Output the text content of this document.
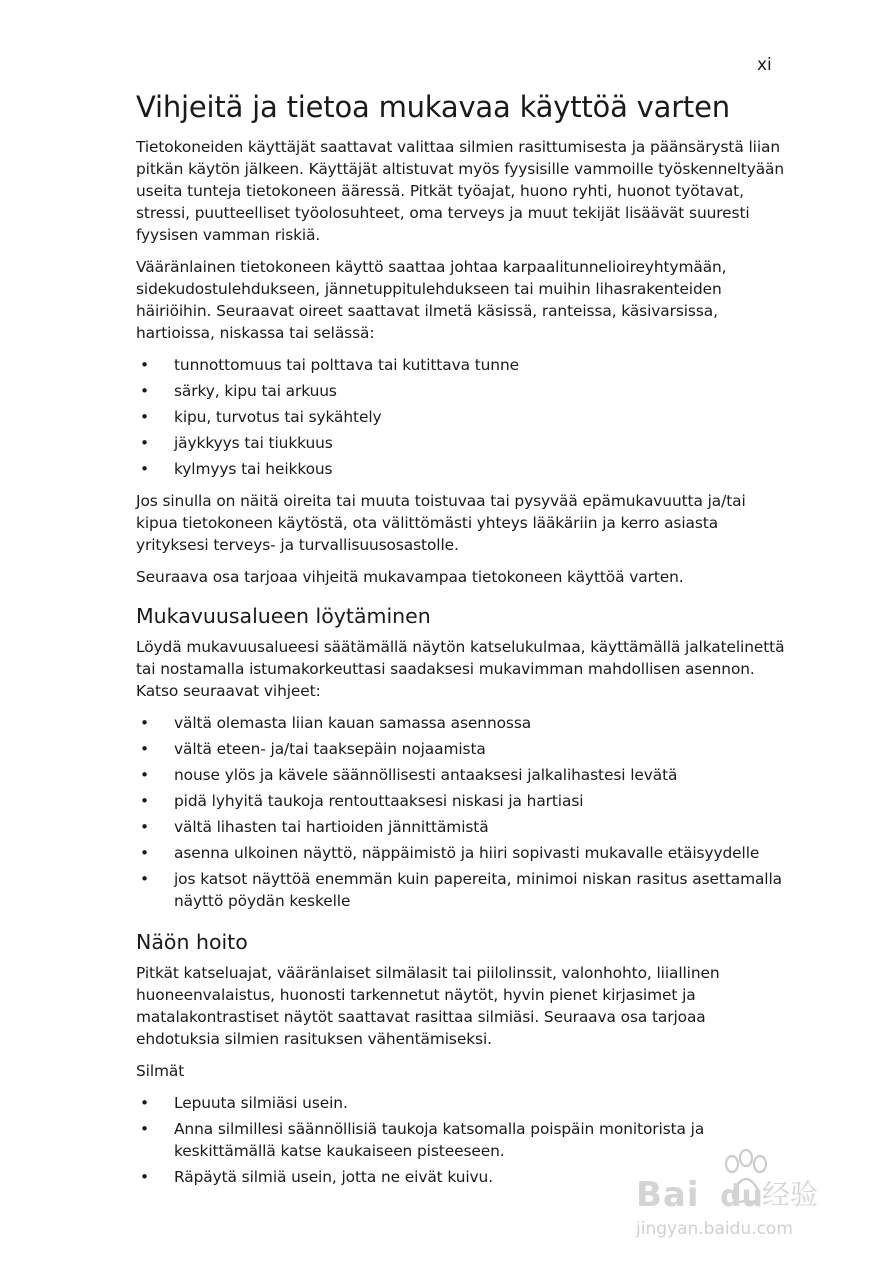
xi
Vihjeitä ja tietoa mukavaa käyttöä varten

Tietokoneiden käyttäjät saattavat valittaa silmien rasittumisesta ja päänsärystä liian pitkän käytön jälkeen. Käyttäjät altistuvat myös fyysisille vammoille työskenneltyään useita tunteja tietokoneen ääressä. Pitkät työajat, huono ryhti, huonot työtavat, stressi, puutteelliset työolosuhteet, oma terveys ja muut tekijät lisäävät suuresti fyysisen vamman riskiä.

Vääränlainen tietokoneen käyttö saattaa johtaa karpaalitunnelioireyhtymään, sidekudostulehdukseen, jännetuppitulehdukseen tai muihin lihasrakenteiden häiriöihin. Seuraavat oireet saattavat ilmetä käsissä, ranteissa, käsivarsissa, hartioissa, niskassa tai selässä:

• tunnottomuus tai polttava tai kutittava tunne
• särky, kipu tai arkuus
• kipu, turvotus tai sykähtely
• jäykkyys tai tiukkuus
• kylmyys tai heikkous

Jos sinulla on näitä oireita tai muuta toistuvaa tai pysyvää epämukavuutta ja/tai kipua tietokoneen käytöstä, ota välittömästi yhteys lääkäriin ja kerro asiasta yrityksesi terveys- ja turvallisuusosastolle.

Seuraava osa tarjoaa vihjeitä mukavampaa tietokoneen käyttöä varten.

Mukavuusalueen löytäminen

Löydä mukavuusalueesi säätämällä näytön katselukulmaa, käyttämällä jalkatelinettä tai nostamalla istumakorkeuttasi saadaksesi mukavimman mahdollisen asennon. Katso seuraavat vihjeet:

• vältä olemasta liian kauan samassa asennossa
• vältä eteen- ja/tai taaksepäin nojaamista
• nouse ylös ja kävele säännöllisesti antaaksesi jalkalihastesi levätä
• pidä lyhyitä taukoja rentouttaaksesi niskasi ja hartiasi
• vältä lihasten tai hartioiden jännittämistä
• asenna ulkoinen näyttö, näppäimistö ja hiiri sopivasti mukavalle etäisyydelle
• jos katsot näyttöä enemmän kuin papereita, minimoi niskan rasitus asettamalla näyttö pöydän keskelle
Näön hoito

Pitkät katseluajat, vääränlaiset silmälasit tai piilolinssit, valonhohto, liiallinen huoneenvalaistus, huonosti tarkennetut näytöt, hyvin pienet kirjasimet ja matalakontrastiset näytöt saattavat rasittaa silmiäsi. Seuraava osa tarjoaa ehdotuksia silmien rasituksen vähentämiseksi.

Silmät

• Lepuuta silmiäsi usein.
• Anna silmillesi säännöllisiä taukoja katsomalla poispäin monitorista ja keskittämällä katse kaukaiseen pisteeseen.
• Räpäytä silmiä usein, jotta ne eivät kuivu.	Bai du 经验
jingyan.baidu.com
